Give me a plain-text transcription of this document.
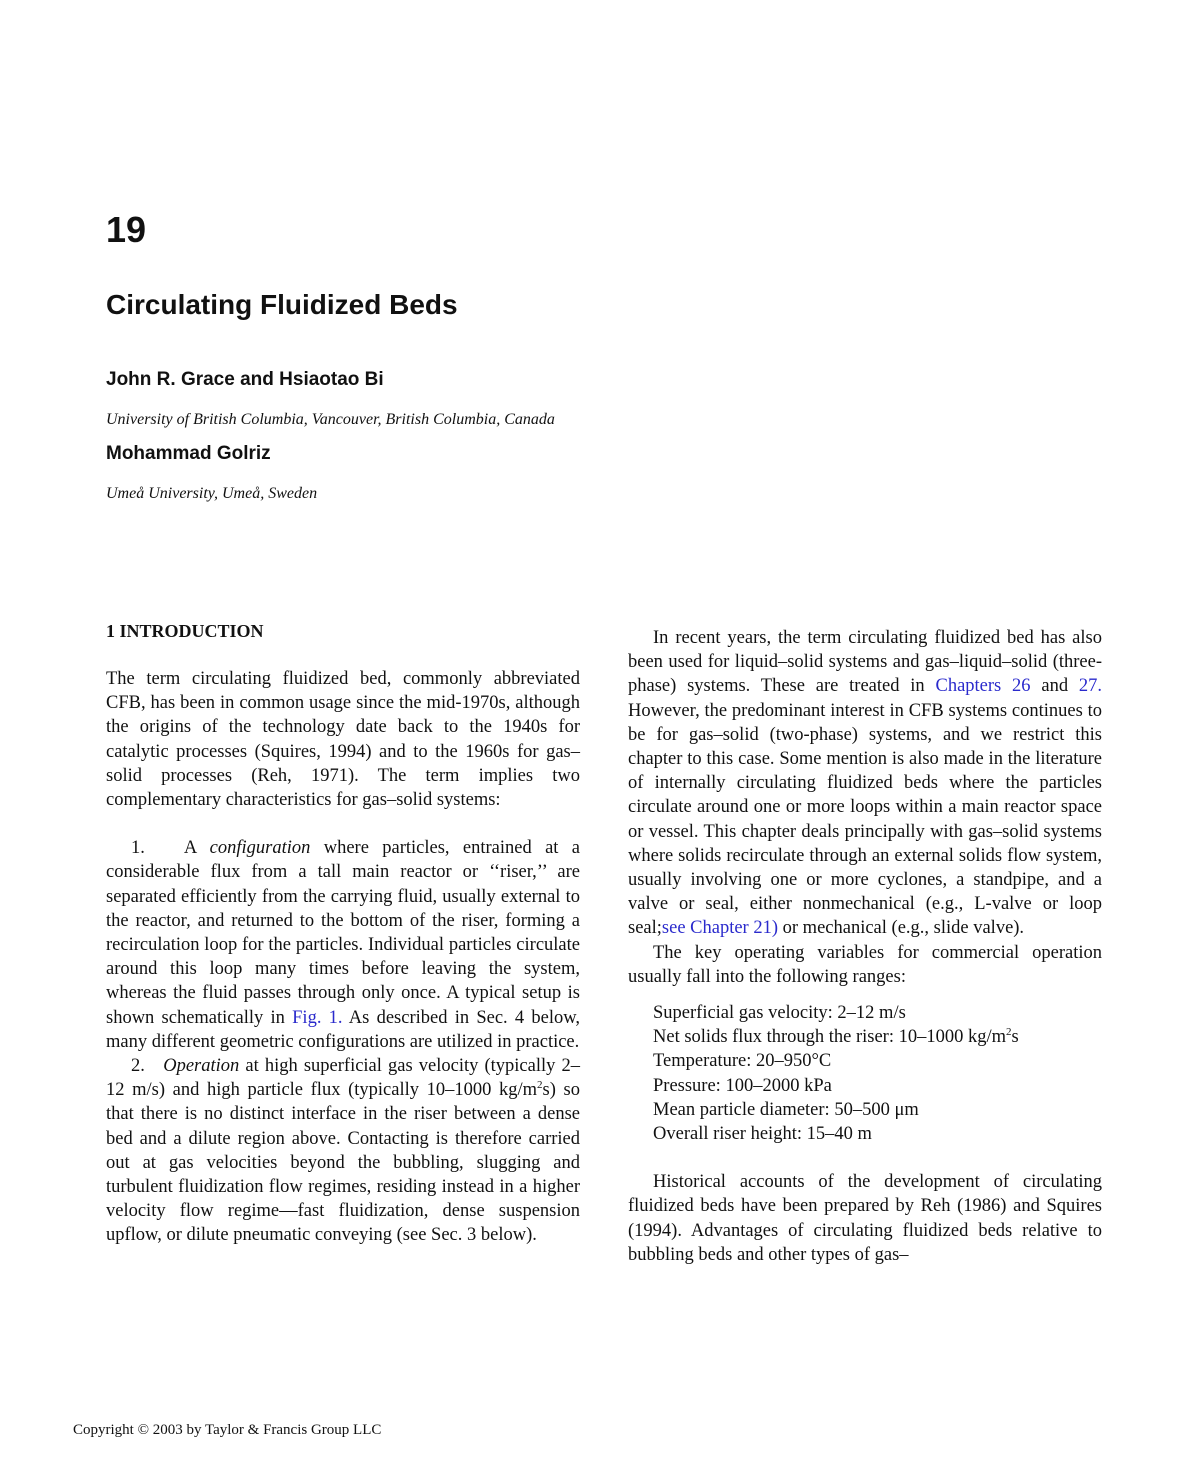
19
Circulating Fluidized Beds
John R. Grace and Hsiaotao Bi
University of British Columbia, Vancouver, British Columbia, Canada
Mohammad Golriz
Umeå University, Umeå, Sweden
1 INTRODUCTION

The term circulating fluidized bed, commonly abbreviated CFB, has been in common usage since the mid-1970s, although the origins of the technology date back to the 1940s for catalytic processes (Squires, 1994) and to the 1960s for gas–solid processes (Reh, 1971). The term implies two complementary characteristics for gas–solid systems:

1. A configuration where particles, entrained at a considerable flux from a tall main reactor or ‘‘riser,’’ are separated efficiently from the carrying fluid, usually external to the reactor, and returned to the bottom of the riser, forming a recirculation loop for the particles. Individual particles circulate around this loop many times before leaving the system, whereas the fluid passes through only once. A typical setup is shown schematically in Fig. 1. As described in Sec. 4 below, many different geometric configurations are utilized in practice.

2. Operation at high superficial gas velocity (typically 2–12 m/s) and high particle flux (typically 10–1000 $kg/m^2s$) so that there is no distinct interface in the riser between a dense bed and a dilute region above. Contacting is therefore carried out at gas velocities beyond the bubbling, slugging and turbulent fluidization flow regimes, residing instead in a higher velocity flow regime—fast fluidization, dense suspension upflow, or dilute pneumatic conveying (see Sec. 3 below).

In recent years, the term circulating fluidized bed has also been used for liquid–solid systems and gas–liquid–solid (three-phase) systems. These are treated in Chapters 26 and 27. However, the predominant interest in CFB systems continues to be for gas–solid (two-phase) systems, and we restrict this chapter to this case. Some mention is also made in the literature of internally circulating fluidized beds where the particles circulate around one or more loops within a main reactor space or vessel. This chapter deals principally with gas–solid systems where solids recirculate through an external solids flow system, usually involving one or more cyclones, a standpipe, and a valve or seal, either nonmechanical (e.g., L-valve or loop seal;see Chapter 21) or mechanical (e.g., slide valve).

The key operating variables for commercial operation usually fall into the following ranges:

Superficial gas velocity: 2–12 m/s
Net solids flux through the riser: 10–1000 $kg/m^2s$
Temperature: 20–950°C
Pressure: 100–2000 kPa
Mean particle diameter: 50–500 μm
Overall riser height: 15–40 m

Historical accounts of the development of circulating fluidized beds have been prepared by Reh (1986) and Squires (1994). Advantages of circulating fluidized beds relative to bubbling beds and other types of gas–

Copyright © 2003 by Taylor & Francis Group LLC
